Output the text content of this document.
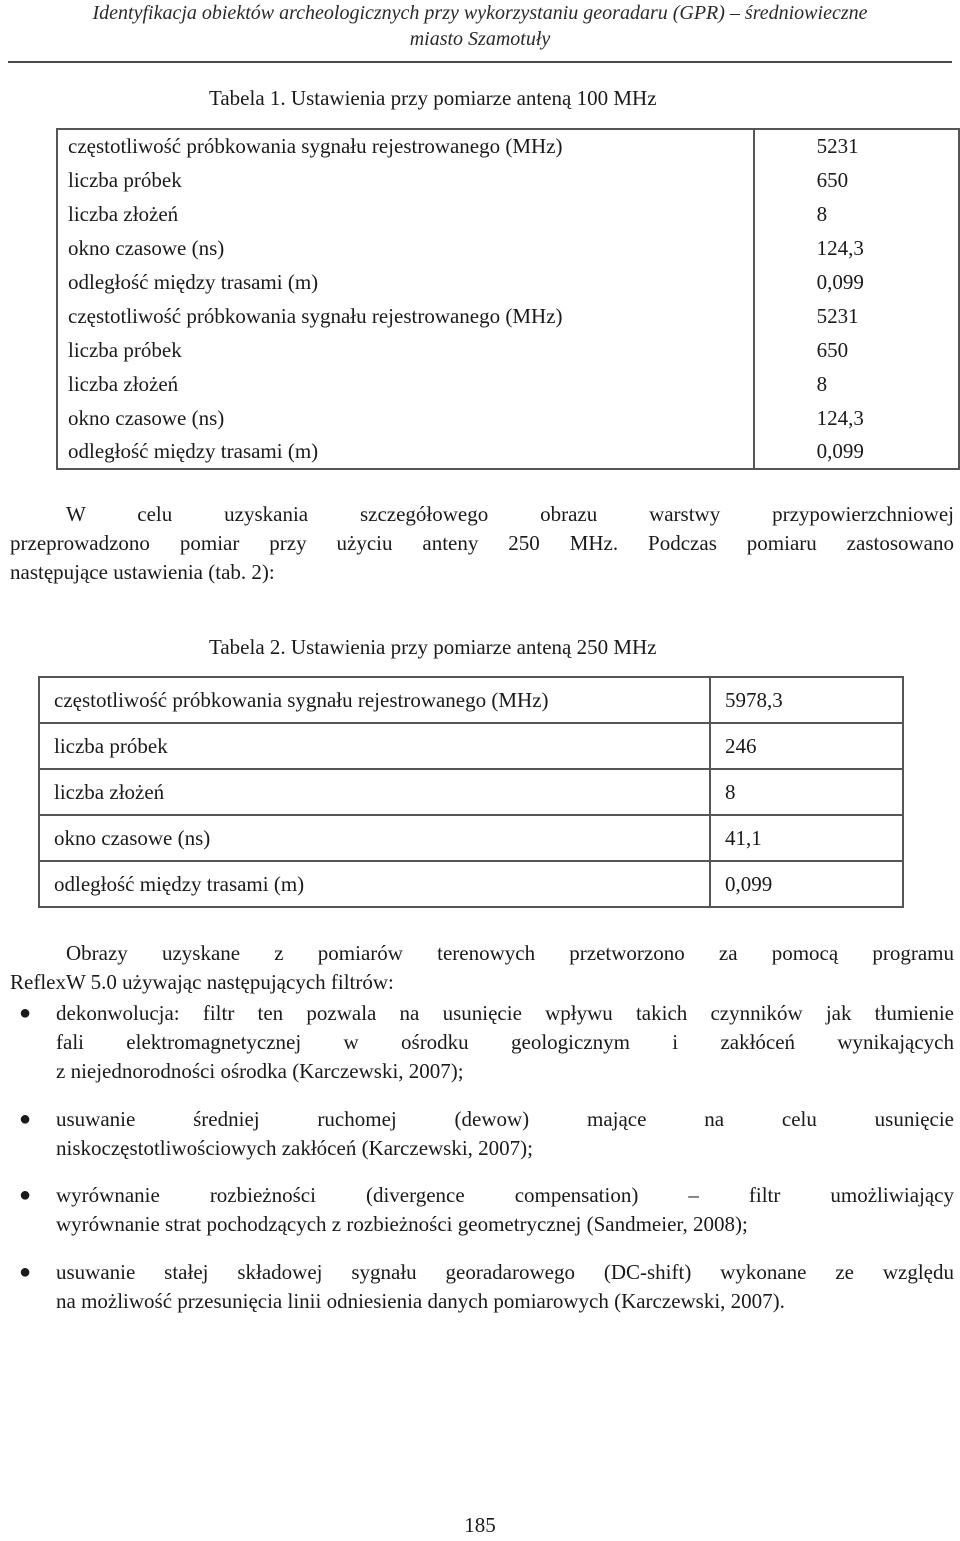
Identyfikacja obiektów archeologicznych przy wykorzystaniu georadaru (GPR) – średniowieczne
miasto Szamotuły
Tabela 1. Ustawienia przy pomiarze anteną 100 MHz
częstotliwość próbkowania sygnału rejestrowanego (MHz)	5231
liczba próbek	650
liczba złożeń	8
okno czasowe (ns)	124,3
odległość między trasami (m)	0,099
częstotliwość próbkowania sygnału rejestrowanego (MHz)	5231
liczba próbek	650
liczba złożeń	8
okno czasowe (ns)	124,3
odległość między trasami (m)	0,099
W celu uzyskania szczegółowego obrazu warstwy przypowierzchniowej
przeprowadzono pomiar przy użyciu anteny 250 MHz. Podczas pomiaru zastosowano
następujące ustawienia (tab. 2):
Tabela 2. Ustawienia przy pomiarze anteną 250 MHz
częstotliwość próbkowania sygnału rejestrowanego (MHz)	5978,3
liczba próbek	246
liczba złożeń	8
okno czasowe (ns)	41,1
odległość między trasami (m)	0,099
Obrazy uzyskane z pomiarów terenowych przetworzono za pomocą programu
ReflexW 5.0 używając następujących filtrów:
● dekonwolucja: filtr ten pozwala na usunięcie wpływu takich czynników jak tłumienie
fali elektromagnetycznej w ośrodku geologicznym i zakłóceń wynikających
z niejednorodności ośrodka (Karczewski, 2007);
● usuwanie średniej ruchomej (dewow) mające na celu usunięcie
niskoczęstotliwościowych zakłóceń (Karczewski, 2007);
● wyrównanie rozbieżności (divergence compensation) – filtr umożliwiający
wyrównanie strat pochodzących z rozbieżności geometrycznej (Sandmeier, 2008);
● usuwanie stałej składowej sygnału georadarowego (DC-shift) wykonane ze względu
na możliwość przesunięcia linii odniesienia danych pomiarowych (Karczewski, 2007).
185
